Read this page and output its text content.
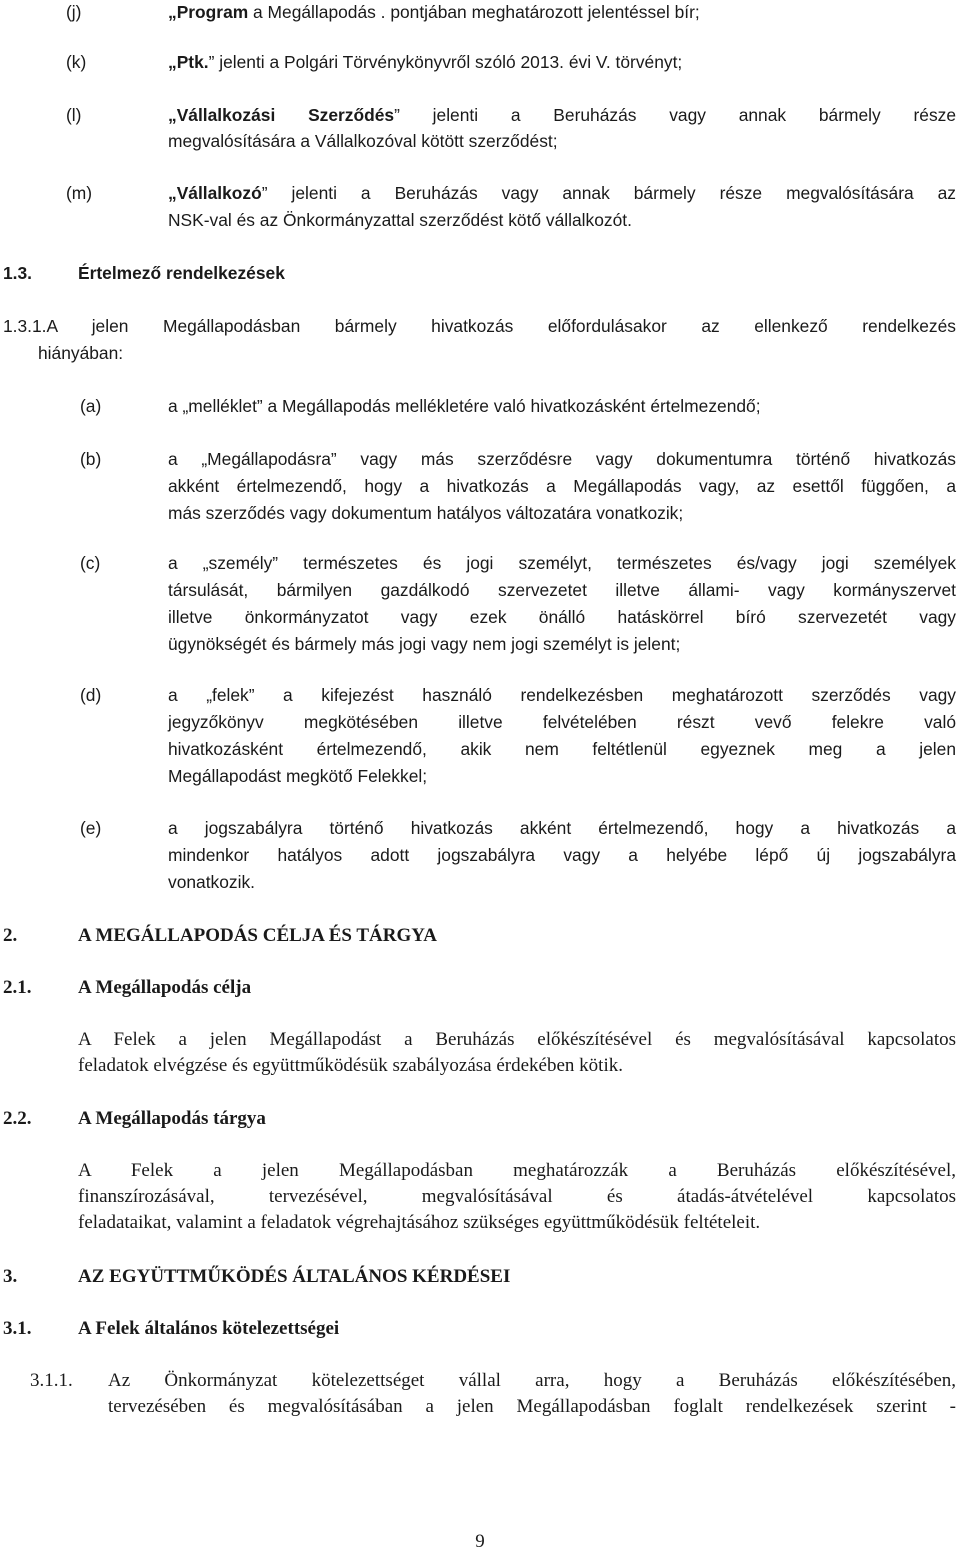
(j)	„Program a Megállapodás . pontjában meghatározott jelentéssel bír;
(k)	„Ptk.” jelenti a Polgári Törvénykönyvről szóló 2013. évi V. törvényt;
(l)	„Vállalkozási Szerződés” jelenti a Beruházás vagy annak bármely része
megvalósítására a Vállalkozóval kötött szerződést;
(m)	„Vállalkozó” jelenti a Beruházás vagy annak bármely része megvalósítására az
NSK-val és az Önkormányzattal szerződést kötő vállalkozót.
1.3.	Értelmező rendelkezések
1.3.1.A jelen Megállapodásban bármely hivatkozás előfordulásakor az ellenkező rendelkezés
hiányában:
(a)	a „melléklet” a Megállapodás mellékletére való hivatkozásként értelmezendő;
(b)	a „Megállapodásra” vagy más szerződésre vagy dokumentumra történő hivatkozás
akként értelmezendő, hogy a hivatkozás a Megállapodás vagy, az esettől függően, a
más szerződés vagy dokumentum hatályos változatára vonatkozik;
(c)	a „személy” természetes és jogi személyt, természetes és/vagy jogi személyek
társulását, bármilyen gazdálkodó szervezetet illetve állami- vagy kormányszervet
illetve önkormányzatot vagy ezek önálló hatáskörrel bíró szervezetét vagy
ügynökségét és bármely más jogi vagy nem jogi személyt is jelent;
(d)	a „felek” a kifejezést használó rendelkezésben meghatározott szerződés vagy
jegyzőkönyv megkötésében illetve felvételében részt vevő felekre való
hivatkozásként értelmezendő, akik nem feltétlenül egyeznek meg a jelen
Megállapodást megkötő Felekkel;
(e)	a jogszabályra történő hivatkozás akként értelmezendő, hogy a hivatkozás a
mindenkor hatályos adott jogszabályra vagy a helyébe lépő új jogszabályra
vonatkozik.
2.	A MEGÁLLAPODÁS CÉLJA ÉS TÁRGYA
2.1. A Megállapodás célja
A Felek a jelen Megállapodást a Beruházás előkészítésével és megvalósításával kapcsolatos
feladatok elvégzése és együttműködésük szabályozása érdekében kötik.
2.2. A Megállapodás tárgya
A Felek a jelen Megállapodásban meghatározzák a Beruházás előkészítésével,
finanszírozásával, tervezésével, megvalósításával és átadás-átvételével kapcsolatos
feladataikat, valamint a feladatok végrehajtásához szükséges együttműködésük feltételeit.
3.	AZ EGYÜTTMŰKÖDÉS ÁLTALÁNOS KÉRDÉSEI
3.1. A Felek általános kötelezettségei
3.1.1. Az Önkormányzat kötelezettséget vállal arra, hogy a Beruházás előkészítésében,
tervezésében és megvalósításában a jelen Megállapodásban foglalt rendelkezések szerint -
9
